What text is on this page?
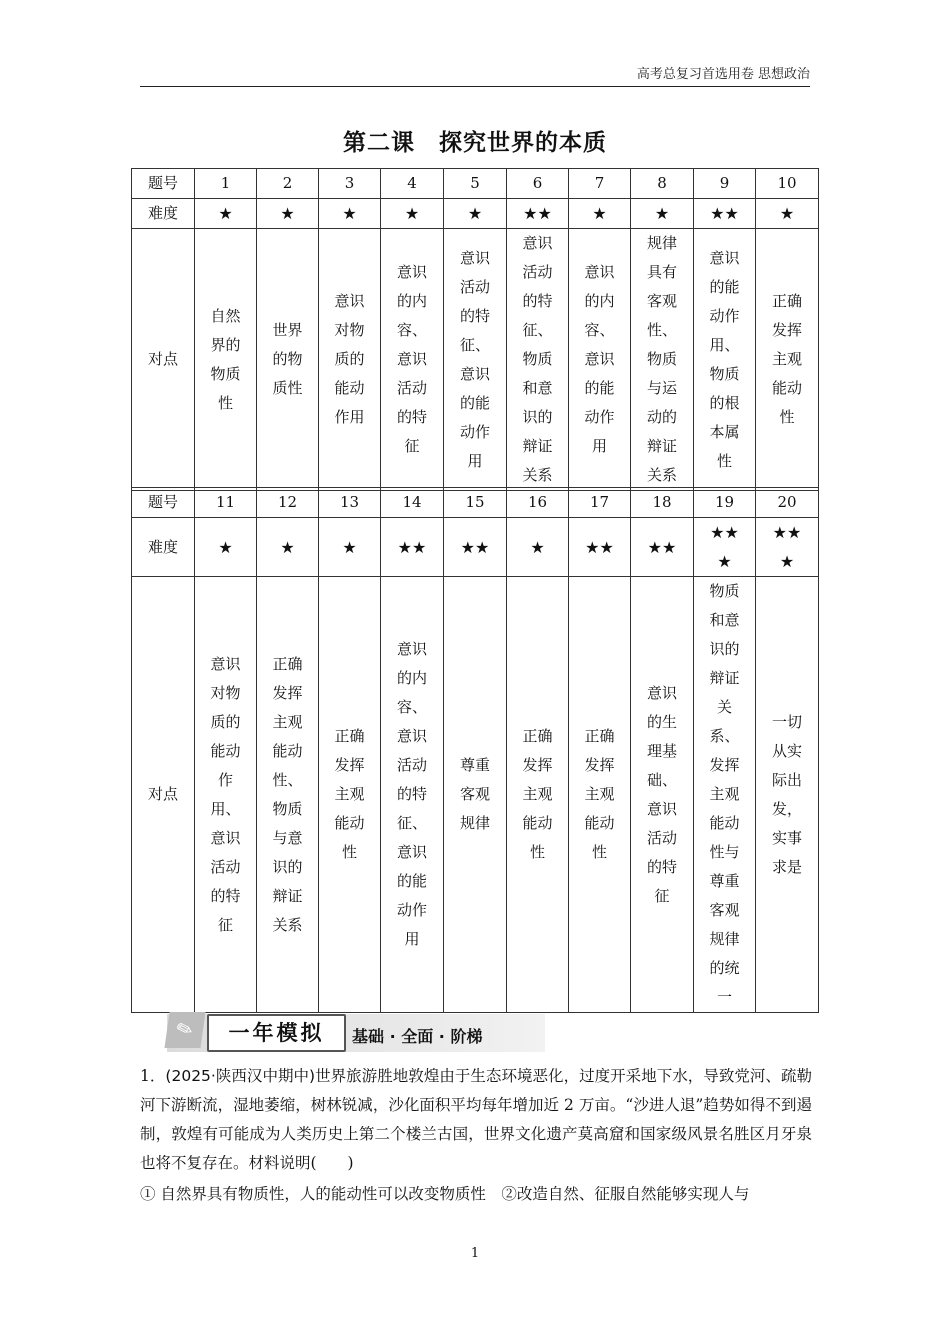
高考总复习首选用卷 思想政治
第二课　探究世界的本质
题号	1	2	3	4	5	6	7	8	9	10
难度	★	★	★	★	★	★★	★	★	★★	★

对点	自然界的物质性	世界的物质性	意识对物质的能动作用	意识的内容、意识活动的特征	意识活动的特征、意识的能动作用	意识活动的特征、物质和意识的辩证关系	意识的内容、意识的能动作用	规律具有客观性、物质与运动的辩证关系	意识的能动作用、物质的根本属性	正确发挥主观能动性
题号	11	12	13	14	15	16	17	18	19	20
难度	★	★	★	★★	★★	★	★★	★★	★★★	★★★

对点	意识对物质的能动作用、意识活动的特征	正确发挥主观能动性、物质与意识的辩证关系	正确发挥主观能动性	意识的内容、意识活动的特征、意识的能动作用	尊重客观规律	正确发挥主观能动性	正确发挥主观能动性	意识的生理基础、意识活动的特征	物质和意识的辩证关系、发挥主观能动性与尊重客观规律的统一	一切从实际出发，实事求是
✎	一年模拟	基础 · 全面 · 阶梯
1．(2025·陕西汉中期中)世界旅游胜地敦煌由于生态环境恶化，过度开采地下水，导致党河、疏勒河下游断流，湿地萎缩，树林锐减，沙化面积平均每年增加近 2 万亩。“沙进人退”趋势如得不到遏制，敦煌有可能成为人类历史上第二个楼兰古国，世界文化遗产莫高窟和国家级风景名胜区月牙泉也将不复存在。材料说明(　　)
① 自然界具有物质性，人的能动性可以改变物质性　②改造自然、征服自然能够实现人与
1
